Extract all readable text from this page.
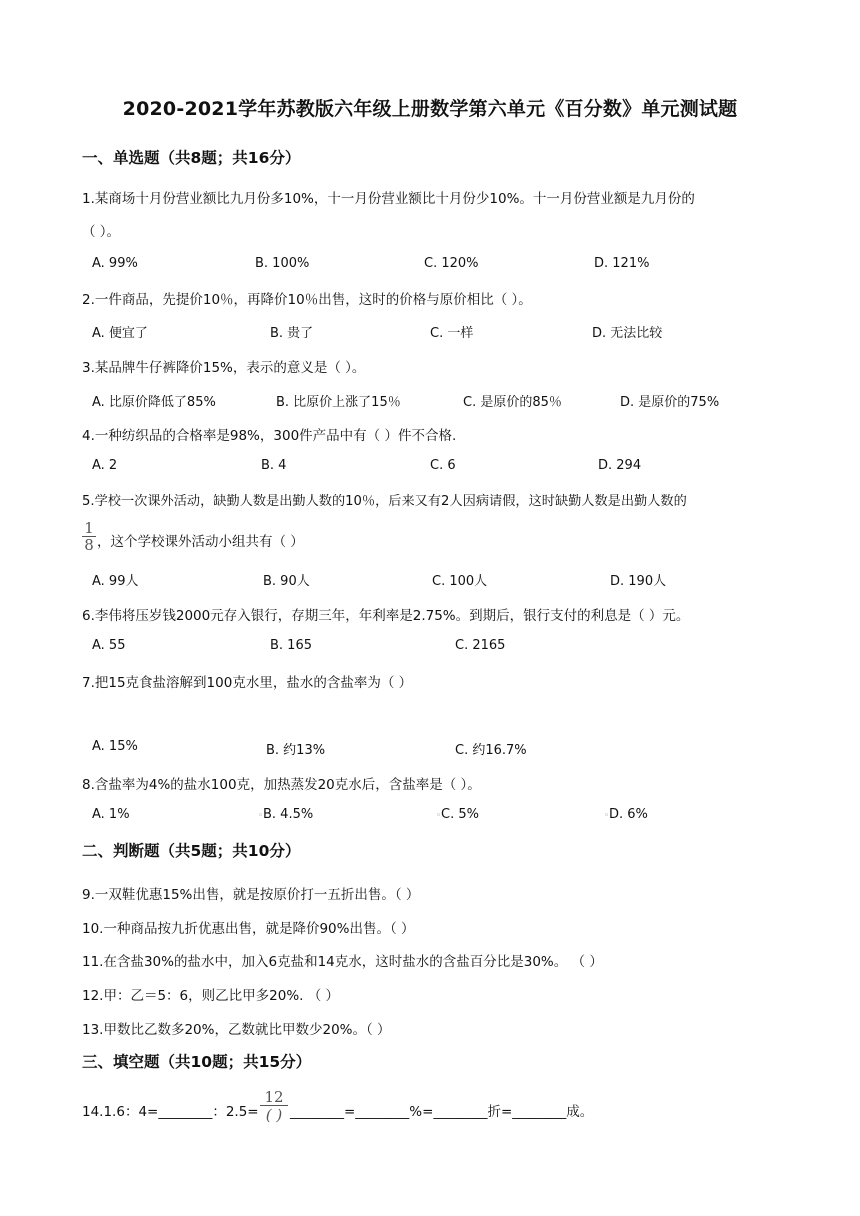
2020-2021学年苏教版六年级上册数学第六单元《百分数》单元测试题
一、单选题（共8题；共16分）
1.某商场十月份营业额比九月份多10%，十一月份营业额比十月份少10%。十一月份营业额是九月份的
（ ）。
A. 99%	B. 100%	C. 120%	D. 121%
2.一件商品，先提价10％，再降价10％出售，这时的价格与原价相比（ ）。
A. 便宜了	B. 贵了	C. 一样	D. 无法比较
3.某品牌牛仔裤降价15%，表示的意义是（ ）。
A. 比原价降低了85%	B. 比原价上涨了15％	C. 是原价的85％	D. 是原价的75%
4.一种纺织品的合格率是98%，300件产品中有（ ）件不合格.
A. 2	B. 4	C. 6	D. 294
5.学校一次课外活动，缺勤人数是出勤人数的10％，后来又有2人因病请假，这时缺勤人数是出勤人数的
1
8 ，这个学校课外活动小组共有（ ）
A. 99人	B. 90人	C. 100人	D. 190人
6.李伟将压岁钱2000元存入银行，存期三年，年利率是2.75%。到期后，银行支付的利息是（ ）元。
A. 55	B. 165	C. 2165
7.把15克食盐溶解到100克水里，盐水的含盐率为（ ）
A. 15%	B. 约13%	C. 约16.7%
8.含盐率为4%的盐水100克，加热蒸发20克水后，含盐率是（ ）。
A. 1%	◦ B. 4.5%	◦ C. 5%	◦ D. 6%
二、判断题（共5题；共10分）
9.一双鞋优惠15%出售，就是按原价打一五折出售。（ ）
10.一种商品按九折优惠出售，就是降价90%出售。（ ）
11.在含盐30%的盐水中，加入6克盐和14克水，这时盐水的含盐百分比是30%。 （ ）
12.甲：乙＝5：6，则乙比甲多20%. （ ）
13.甲数比乙数多20%，乙数就比甲数少20%。（ ）
三、填空题（共10题；共15分）
14.1.6：4=________：2.5=
12
( ) ________=________%=________折=________成。
